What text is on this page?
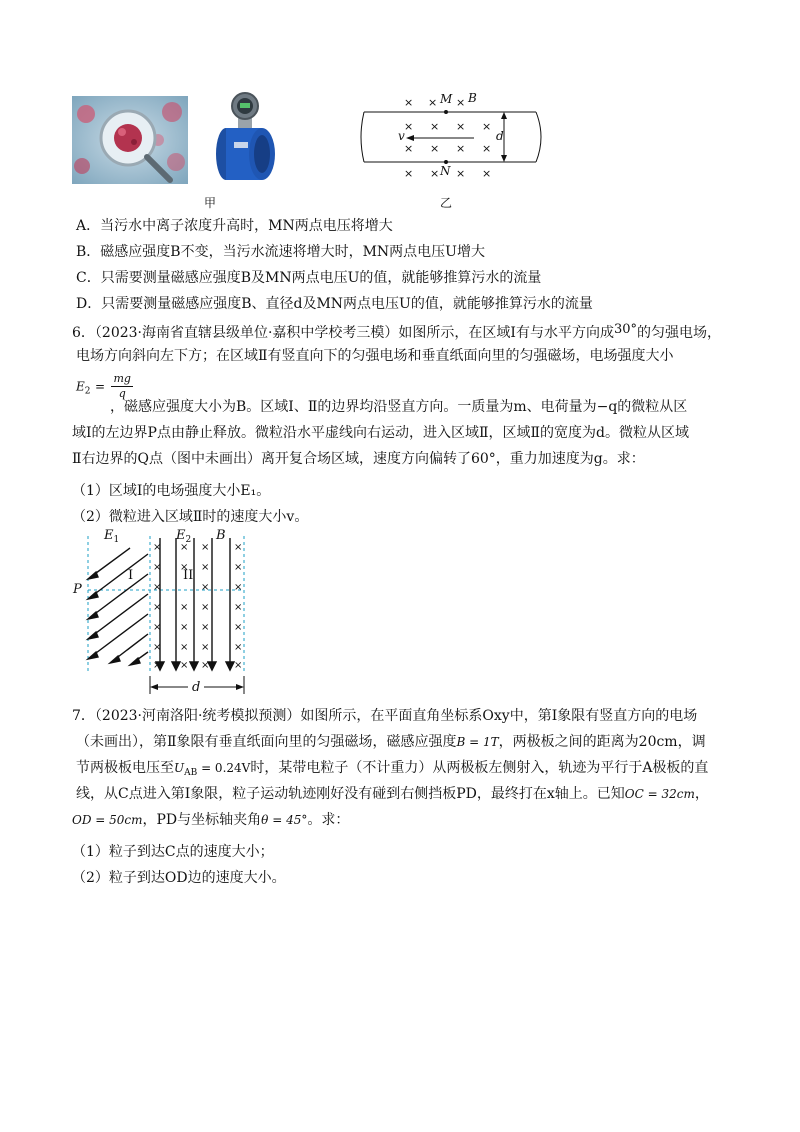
甲
× × ×
× × × ×
× × × ×
× × × ×
M B
N
v	d
乙
A．当污水中离子浓度升高时，MN两点电压将增大
B．磁感应强度B不变，当污水流速将增大时，MN两点电压U增大
C．只需要测量磁感应强度B及MN两点电压U的值，就能够推算污水的流量
D．只需要测量磁感应强度B、直径d及MN两点电压U的值，就能够推算污水的流量
6．（2023·海南省直辖县级单位·嘉积中学校考三模）如图所示，在区域Ⅰ有与水平方向成30°的匀强电场，
电场方向斜向左下方；在区域Ⅱ有竖直向下的匀强电场和垂直纸面向里的匀强磁场，电场强度大小
$E_2 = \frac{mg}{q}$
，磁感应强度大小为B。区域Ⅰ、Ⅱ的边界均沿竖直方向。一质量为m、电荷量为−q的微粒从区
域Ⅰ的左边界P点由静止释放。微粒沿水平虚线向右运动，进入区域Ⅱ，区域Ⅱ的宽度为d。微粒从区域
Ⅱ右边界的Q点（图中未画出）离开复合场区域，速度方向偏转了60°，重力加速度为g。求：
（1）区域Ⅰ的电场强度大小E₁。
（2）微粒进入区域Ⅱ时的速度大小v。
×
×
×
×
×
×
×
×
×
×
×
×
×
×
×
×
×
×
×
×
×
×
×
×
×
×
×
$E_1$	$E_2$ B
P
I	II
d
7．（2023·河南洛阳·统考模拟预测）如图所示，在平面直角坐标系Oxy中，第Ⅰ象限有竖直方向的电场
（未画出），第Ⅱ象限有垂直纸面向里的匀强磁场，磁感应强度B = 1T，两极板之间的距离为20cm，调
节两极板电压至$U_{AB} = 0.24V$时，某带电粒子（不计重力）从两极板左侧射入，轨迹为平行于A极板的直
线，从C点进入第Ⅰ象限，粒子运动轨迹刚好没有碰到右侧挡板PD，最终打在x轴上。已知OC = 32cm，
OD = 50cm，PD与坐标轴夹角θ = 45°。求：
（1）粒子到达C点的速度大小；
（2）粒子到达OD边的速度大小。
